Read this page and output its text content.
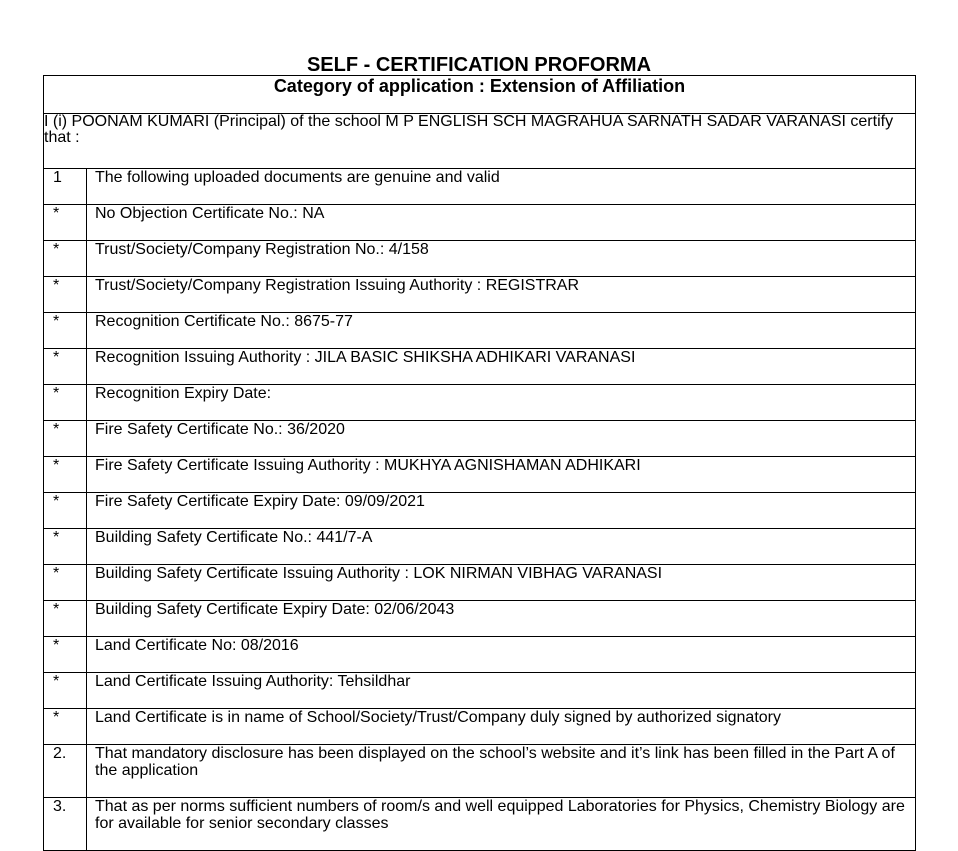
SELF - CERTIFICATION PROFORMA
Category of application : Extension of Affiliation	
I (i) POONAM KUMARI (Principal) of the school M P ENGLISH SCH MAGRAHUA SARNATH SADAR VARANASI certify that :	
1	The following uploaded documents are genuine and valid
*	No Objection Certificate No.: NA
*	Trust/Society/Company Registration No.: 4/158
*	Trust/Society/Company Registration Issuing Authority : REGISTRAR
*	Recognition Certificate No.: 8675-77
*	Recognition Issuing Authority : JILA BASIC SHIKSHA ADHIKARI VARANASI
*	Recognition Expiry Date:
*	Fire Safety Certificate No.: 36/2020
*	Fire Safety Certificate Issuing Authority : MUKHYA AGNISHAMAN ADHIKARI
*	Fire Safety Certificate Expiry Date: 09/09/2021
*	Building Safety Certificate No.: 441/7-A
*	Building Safety Certificate Issuing Authority : LOK NIRMAN VIBHAG VARANASI
*	Building Safety Certificate Expiry Date: 02/06/2043
*	Land Certificate No: 08/2016
*	Land Certificate Issuing Authority: Tehsildhar
*	Land Certificate is in name of School/Society/Trust/Company duly signed by authorized signatory
2.	That mandatory disclosure has been displayed on the school’s website and it’s link has been filled in the Part A of the application
3.	That as per norms sufficient numbers of room/s and well equipped Laboratories for Physics, Chemistry Biology are for available for senior secondary classes
